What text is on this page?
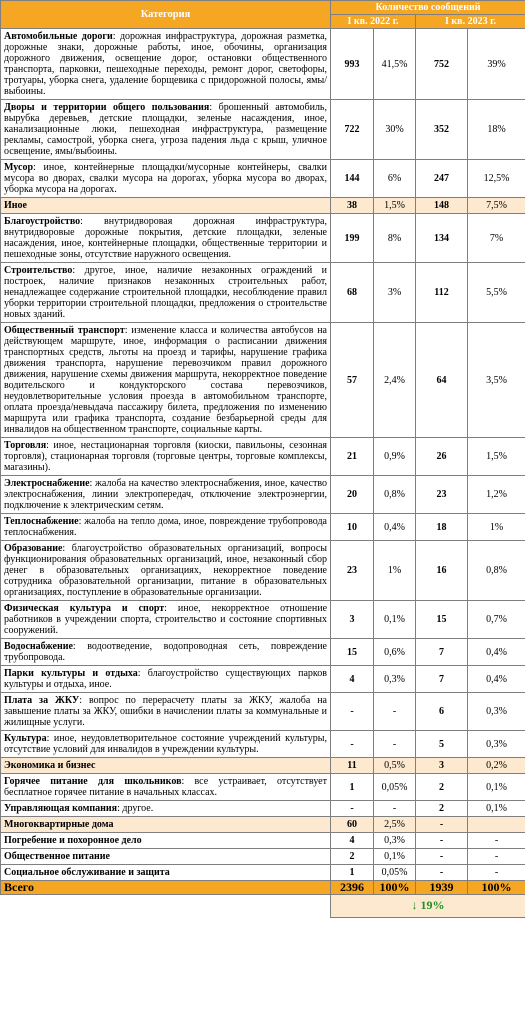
Категория	Количество сообщений			
	I кв. 2022 г.		I кв. 2023 г.	
Автомобильные дороги: дорожная инфраструктура, дорожная разметка, дорожные знаки, дорожные работы, иное, обочины, организация дорожного движения, освещение дорог, остановки общественного транспорта, парковки, пешеходные переходы, ремонт дорог, светофоры, тротуары, уборка снега, удаление борщевика с придорожной полосы, ямы/выбоины.	993	41,5%	752	39%
Дворы и территории общего пользования: брошенный автомобиль, вырубка деревьев, детские площадки, зеленые насаждения, иное, канализационные люки, пешеходная инфраструктура, размещение рекламы, самострой, уборка снега, угроза падения льда с крыш, уличное освещение, ямы/выбоины.	722	30%	352	18%
Мусор: иное, контейнерные площадки/мусорные контейнеры, свалки мусора во дворах, свалки мусора на дорогах, уборка мусора во дворах, уборка мусора на дорогах.	144	6%	247	12,5%
Иное	38	1,5%	148	7,5%
Благоустройство: внутридворовая дорожная инфраструктура, внутридворовые дорожные покрытия, детские площадки, зеленые насаждения, иное, контейнерные площадки, общественные территории и пешеходные зоны, отсутствие наружного освещения.	199	8%	134	7%
Строительство: другое, иное, наличие незаконных ограждений и построек, наличие признаков незаконных строительных работ, ненадлежащее содержание строительной площадки, несоблюдение правил уборки территории строительной площадки, предложения о строительстве новых зданий.	68	3%	112	5,5%
Общественный транспорт: изменение класса и количества автобусов на действующем маршруте, иное, информация о расписании движения транспортных средств, льготы на проезд и тарифы, нарушение графика движения транспорта, нарушение перевозчиком правил дорожного движения, нарушение схемы движения маршрута, некорректное поведение водительского и кондукторского состава перевозчиков, неудовлетворительные условия проезда в автомобильном транспорте, оплата проезда/невыдача пассажиру билета, предложения по изменению маршрута или графика транспорта, создание безбарьерной среды для инвалидов на общественном транспорте, социальные карты.	57	2,4%	64	3,5%
Торговля: иное, нестационарная торговля (киоски, павильоны, сезонная торговля), стационарная торговля (торговые центры, торговые комплексы, магазины).	21	0,9%	26	1,5%
Электроснабжение: жалоба на качество электроснабжения, иное, качество электроснабжения, линии электропередач, отключение электроэнергии, подключение к электрическим сетям.	20	0,8%	23	1,2%
Теплоснабжение: жалоба на тепло дома, иное, повреждение трубопровода теплоснабжения.	10	0,4%	18	1%
Образование: благоустройство образовательных организаций, вопросы функционирования образовательных организаций, иное, незаконный сбор денег в образовательных организациях, некорректное поведение сотрудника образовательной организации, питание в образовательных организациях, поступление в образовательные организации.	23	1%	16	0,8%
Физическая культура и спорт: иное, некорректное отношение работников в учреждении спорта, строительство и состояние спортивных сооружений.	3	0,1%	15	0,7%
Водоснабжение: водоотведение, водопроводная сеть, повреждение трубопровода.	15	0,6%	7	0,4%
Парки культуры и отдыха: благоустройство существующих парков культуры и отдыха, иное.	4	0,3%	7	0,4%
Плата за ЖКУ: вопрос по перерасчету платы за ЖКУ, жалоба на завышение платы за ЖКУ, ошибки в начислении платы за коммунальные и жилищные услуги.	-	-	6	0,3%
Культура: иное, неудовлетворительное состояние учреждений культуры, отсутствие условий для инвалидов в учреждении культуры.	-	-	5	0,3%
Экономика и бизнес	11	0,5%	3	0,2%
Горячее питание для школьников: все устраивает, отсутствует бесплатное горячее питание в начальных классах.	1	0,05%	2	0,1%
Управляющая компания: другое.	-	-	2	0,1%
Многоквартирные дома	60	2,5%	-	
Погребение и похоронное дело	4	0,3%	-	-
Общественное питание	2	0,1%	-	-
Социальное обслуживание и защита	1	0,05%	-	-
Всего	2396	100%	1939	100%
	↓ 19%			
